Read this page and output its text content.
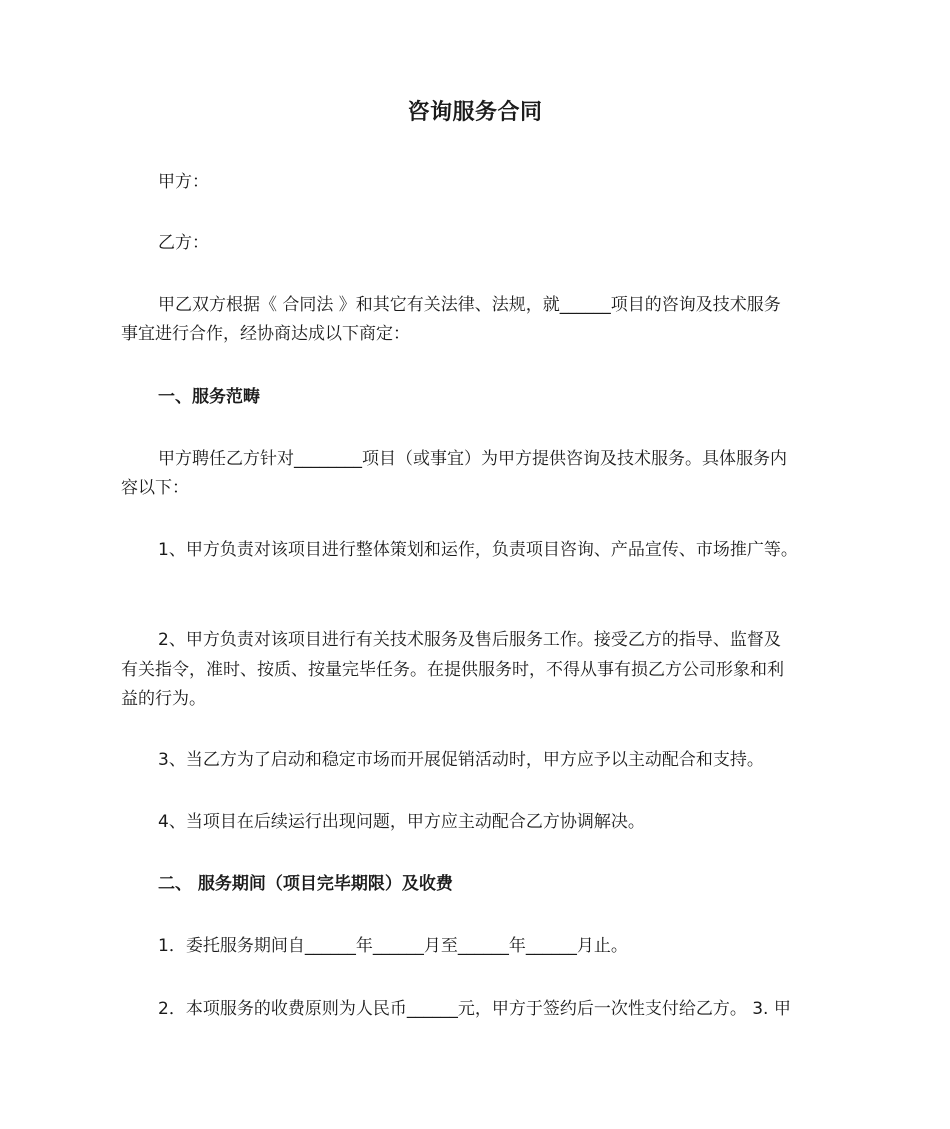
咨询服务合同
甲方：
乙方：
甲乙双方根据《 合同法 》和其它有关法律、法规，就______项目的咨询及技术服务
事宜进行合作，经协商达成以下商定：
一、服务范畴
甲方聘任乙方针对________项目（或事宜）为甲方提供咨询及技术服务。具体服务内
容以下：
1、甲方负责对该项目进行整体策划和运作，负责项目咨询、产品宣传、市场推广等。
2、甲方负责对该项目进行有关技术服务及售后服务工作。接受乙方的指导、监督及
有关指令，准时、按质、按量完毕任务。在提供服务时，不得从事有损乙方公司形象和利
益的行为。
3、当乙方为了启动和稳定市场而开展促销活动时，甲方应予以主动配合和支持。
4、当项目在后续运行出现问题，甲方应主动配合乙方协调解决。
二、 服务期间（项目完毕期限）及收费
1．委托服务期间自______年______月至______年______月止。
2．本项服务的收费原则为人民币______元，甲方于签约后一次性支付给乙方。 3. 甲
